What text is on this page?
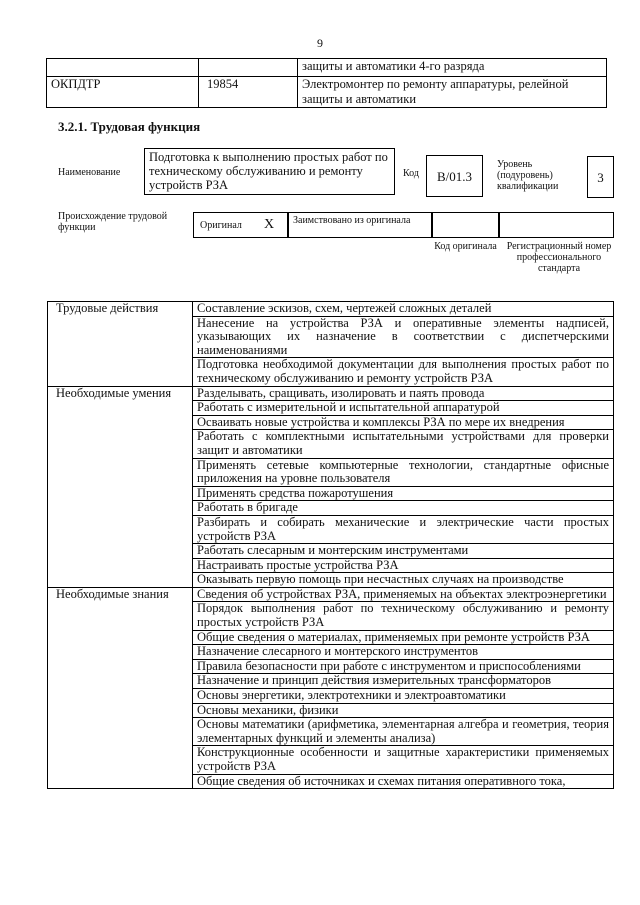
9
		защиты и автоматики 4-го разряда
ОКПДТР	19854	Электромонтер по ремонту аппаратуры, релейной защиты и автоматики
3.2.1. Трудовая функция
Наименование
Подготовка к выполнению простых работ по техническому обслуживанию и ремонту устройств РЗА
Код	B/01.3
Уровень (подуровень) квалификации
3
Происхождение трудовой функции	Оригинал X Заимствовано из оригинала
Код оригинала Регистрационный номер профессионального стандарта
Трудовые действия	Составление эскизов, схем, чертежей сложных деталей
	Нанесение на устройства РЗА и оперативные элементы надписей, указывающих их назначение в соответствии с диспетчерскими наименованиями
	Подготовка необходимой документации для выполнения простых работ по техническому обслуживанию и ремонту устройств РЗА
Необходимые умения	Разделывать, сращивать, изолировать и паять провода
	Работать с измерительной и испытательной аппаратурой
	Осваивать новые устройства и комплексы РЗА по мере их внедрения
	Работать с комплектными испытательными устройствами для проверки защит и автоматики
	Применять сетевые компьютерные технологии, стандартные офисные приложения на уровне пользователя
	Применять средства пожаротушения
	Работать в бригаде
	Разбирать и собирать механические и электрические части простых устройств РЗА
	Работать слесарным и монтерским инструментами
	Настраивать простые устройства РЗА
	Оказывать первую помощь при несчастных случаях на производстве
Необходимые знания	Сведения об устройствах РЗА, применяемых на объектах электроэнергетики
	Порядок выполнения работ по техническому обслуживанию и ремонту простых устройств РЗА
	Общие сведения о материалах, применяемых при ремонте устройств РЗА
	Назначение слесарного и монтерского инструментов
	Правила безопасности при работе с инструментом и приспособлениями
	Назначение и принцип действия измерительных трансформаторов
	Основы энергетики, электротехники и электроавтоматики
	Основы механики, физики
	Основы математики (арифметика, элементарная алгебра и геометрия, теория элементарных функций и элементы анализа)
	Конструкционные особенности и защитные характеристики применяемых устройств РЗА
	Общие сведения об источниках и схемах питания оперативного тока,
